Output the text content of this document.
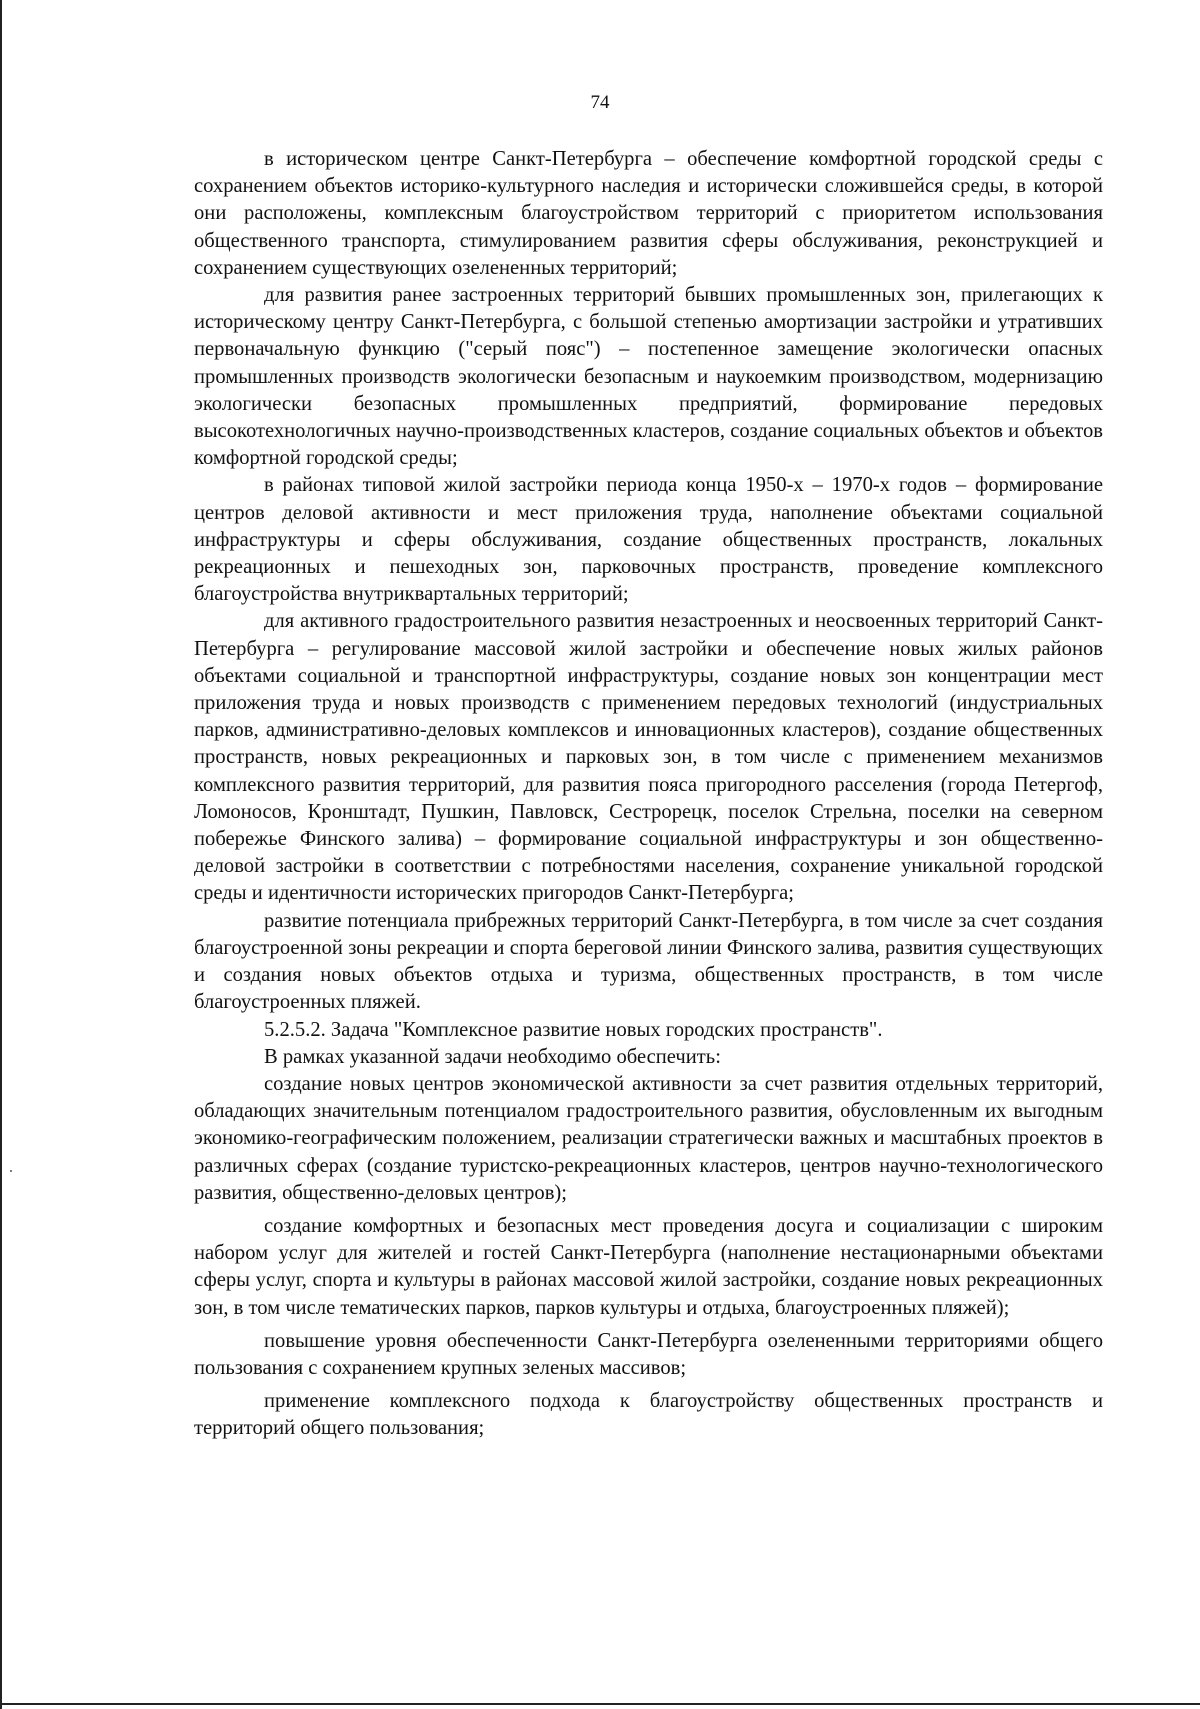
74

в историческом центре Санкт-Петербурга – обеспечение комфортной городской среды с сохранением объектов историко-культурного наследия и исторически сложившейся среды, в которой они расположены, комплексным благоустройством территорий с приоритетом использования общественного транспорта, стимулированием развития сферы обслуживания, реконструкцией и сохранением существующих озелененных территорий;

для развития ранее застроенных территорий бывших промышленных зон, прилегающих к историческому центру Санкт-Петербурга, с большой степенью амортизации застройки и утративших первоначальную функцию ("серый пояс") – постепенное замещение экологически опасных промышленных производств экологически безопасным и наукоемким производством, модернизацию экологически безопасных промышленных предприятий, формирование передовых высокотехнологичных научно-производственных кластеров, создание социальных объектов и объектов комфортной городской среды;

в районах типовой жилой застройки периода конца 1950-х – 1970-х годов – формирование центров деловой активности и мест приложения труда, наполнение объектами социальной инфраструктуры и сферы обслуживания, создание общественных пространств, локальных рекреационных и пешеходных зон, парковочных пространств, проведение комплексного благоустройства внутриквартальных территорий;

для активного градостроительного развития незастроенных и неосвоенных территорий Санкт-Петербурга – регулирование массовой жилой застройки и обеспечение новых жилых районов объектами социальной и транспортной инфраструктуры, создание новых зон концентрации мест приложения труда и новых производств с применением передовых технологий (индустриальных парков, административно-деловых комплексов и инновационных кластеров), создание общественных пространств, новых рекреационных и парковых зон, в том числе с применением механизмов комплексного развития территорий, для развития пояса пригородного расселения (города Петергоф, Ломоносов, Кронштадт, Пушкин, Павловск, Сестрорецк, поселок Стрельна, поселки на северном побережье Финского залива) – формирование социальной инфраструктуры и зон общественно-деловой застройки в соответствии с потребностями населения, сохранение уникальной городской среды и идентичности исторических пригородов Санкт-Петербурга;

развитие потенциала прибрежных территорий Санкт-Петербурга, в том числе за счет создания благоустроенной зоны рекреации и спорта береговой линии Финского залива, развития существующих и создания новых объектов отдыха и туризма, общественных пространств, в том числе благоустроенных пляжей.

5.2.5.2. Задача "Комплексное развитие новых городских пространств".

В рамках указанной задачи необходимо обеспечить:

создание новых центров экономической активности за счет развития отдельных территорий, обладающих значительным потенциалом градостроительного развития, обусловленным их выгодным экономико-географическим положением, реализации стратегически важных и масштабных проектов в различных сферах (создание туристско-рекреационных кластеров, центров научно-технологического развития, общественно-деловых центров);

создание комфортных и безопасных мест проведения досуга и социализации с широким набором услуг для жителей и гостей Санкт-Петербурга (наполнение нестационарными объектами сферы услуг, спорта и культуры в районах массовой жилой застройки, создание новых рекреационных зон, в том числе тематических парков, парков культуры и отдыха, благоустроенных пляжей);

повышение уровня обеспеченности Санкт-Петербурга озелененными территориями общего пользования с сохранением крупных зеленых массивов;

применение комплексного подхода к благоустройству общественных пространств и территорий общего пользования;
